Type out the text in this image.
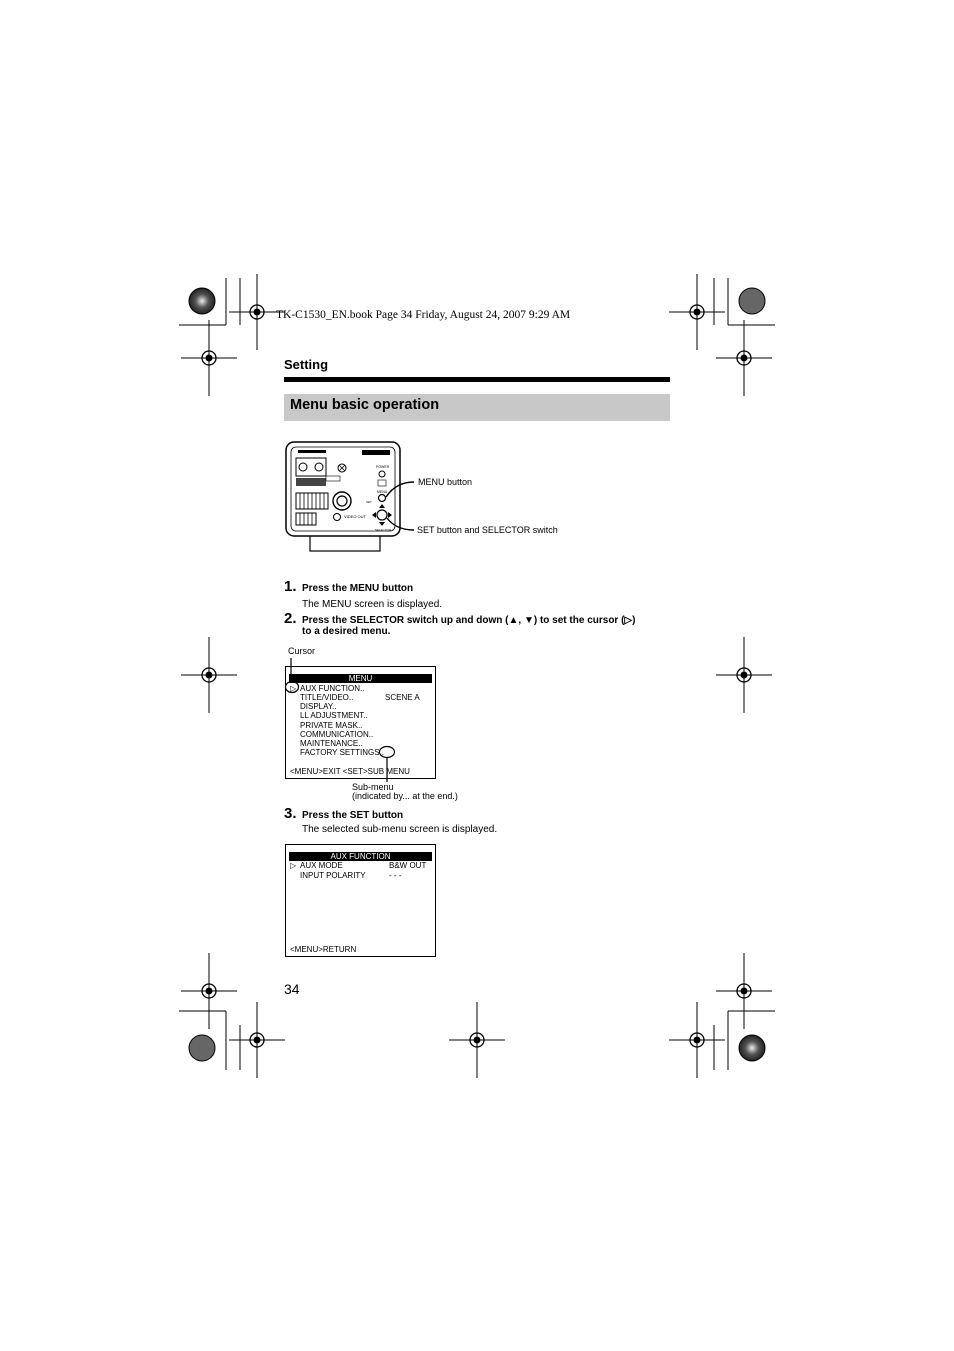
TK-C1530_EN.book Page 34 Friday, August 24, 2007 9:29 AM
Setting
Menu basic operation
VIDEO OUT
POWER
MENU
SET
SELECTOR
MENU button
SET button and SELECTOR switch
1. Press the MENU button
The MENU screen is displayed.
2. Press the SELECTOR switch up and down (▲, ▼) to set the cursor (▷)
to a desired menu.
Cursor
MENU
▷ AUX FUNCTION..
TITLE/VIDEO..	SCENE A
DISPLAY..
LL ADJUSTMENT..
PRIVATE MASK..
COMMUNICATION..
MAINTENANCE..
FACTORY SETTINGS..
<MENU>EXIT <SET>SUB MENU
Sub-menu
(indicated by... at the end.)
3. Press the SET button
The selected sub-menu screen is displayed.
AUX FUNCTION
▷ AUX MODE	B&W OUT
INPUT POLARITY	- - -
<MENU>RETURN
34
